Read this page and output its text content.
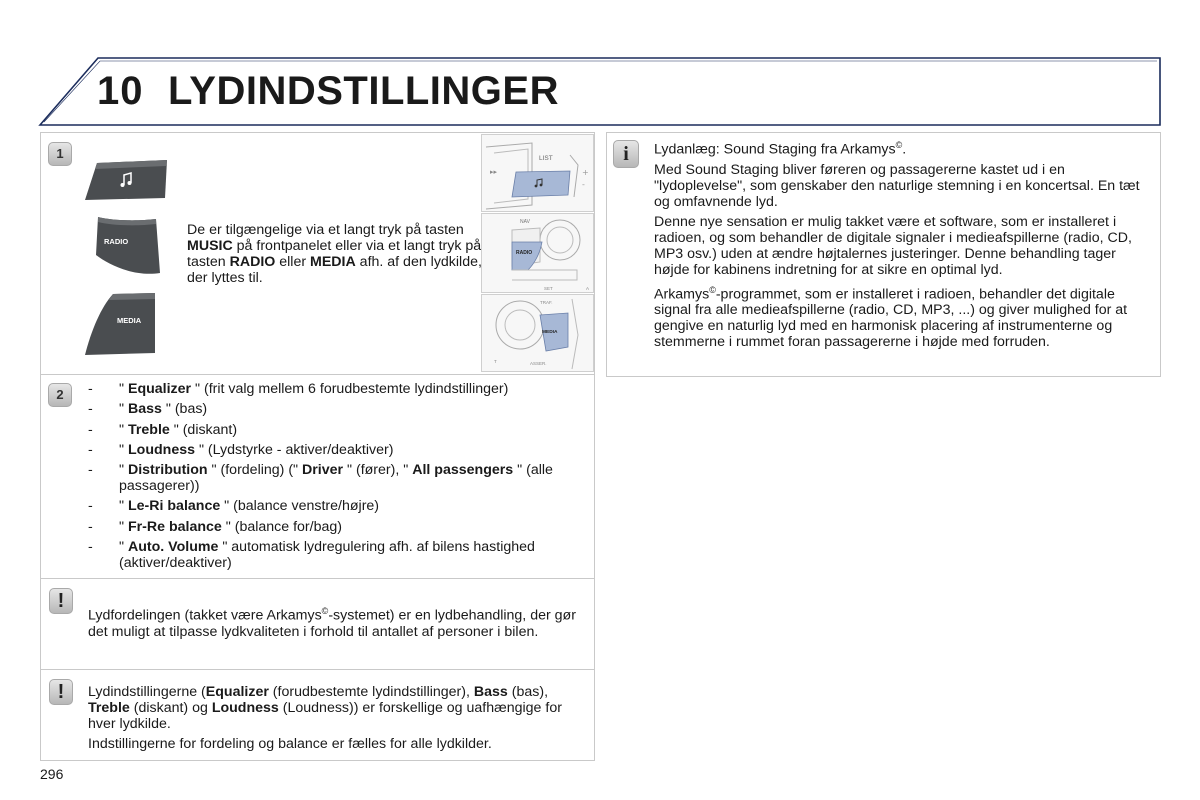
10 LYDINDSTILLINGER
1
RADIO
MEDIA
De er tilgængelige via et langt tryk på tasten MUSIC på frontpanelet eller via et langt tryk på tasten RADIO eller MEDIA afh. af den lydkilde, der lyttes til.
▸▸
LIST
+
-
NAV
RADIO
SET	A
TRAF.
MEDIA
ASSER.
T
2	- " Equalizer " (frit valg mellem 6 forudbestemte lydindstillinger)
- " Bass " (bas)
- " Treble " (diskant)
- " Loudness " (Lydstyrke - aktiver/deaktiver)
- " Distribution " (fordeling) (" Driver " (fører), " All passengers " (alle passagerer))
- " Le-Ri balance " (balance venstre/højre)
- " Fr-Re balance " (balance for/bag)
- " Auto. Volume " automatisk lydregulering afh. af bilens hastighed (aktiver/deaktiver)
!
Lydfordelingen (takket være Arkamys©-systemet) er en lydbehandling, der gør det muligt at tilpasse lydkvaliteten i forhold til antallet af personer i bilen.
!	Lydindstillingerne (Equalizer (forudbestemte lydindstillinger), Bass (bas), Treble (diskant) og Loudness (Loudness)) er forskellige og uafhængige for hver lydkilde.

Indstillingerne for fordeling og balance er fælles for alle lydkilder.

i	Lydanlæg: Sound Staging fra Arkamys©.

Med Sound Staging bliver føreren og passagererne kastet ud i en "lydoplevelse", som genskaber den naturlige stemning i en koncertsal. En tæt og omfavnende lyd.

Denne nye sensation er mulig takket være et software, som er installeret i radioen, og som behandler de digitale signaler i medieafspillerne (radio, CD, MP3 osv.) uden at ændre højtalernes justeringer. Denne behandling tager højde for kabinens indretning for at sikre en optimal lyd.

Arkamys©-programmet, som er installeret i radioen, behandler det digitale signal fra alle medieafspillerne (radio, CD, MP3, ...) og giver mulighed for at gengive en naturlig lyd med en harmonisk placering af instrumenterne og stemmerne i rummet foran passagererne i højde med forruden.

296
